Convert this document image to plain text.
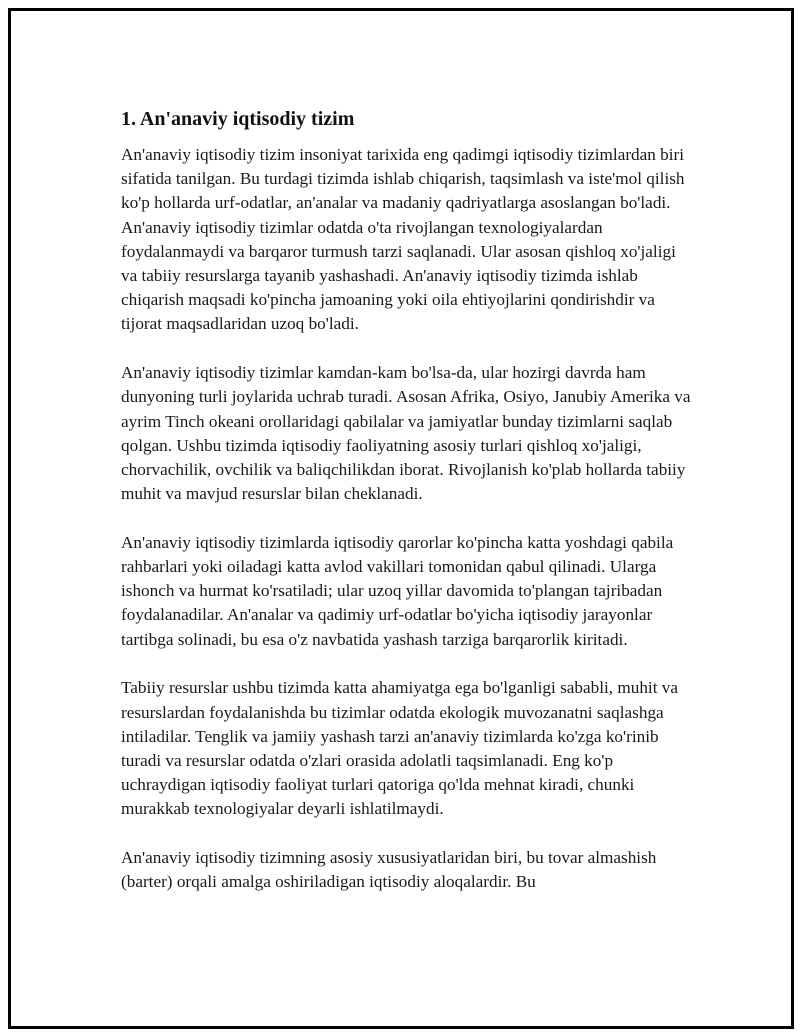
1. An'anaviy iqtisodiy tizim

An'anaviy iqtisodiy tizim insoniyat tarixida eng qadimgi iqtisodiy tizimlardan biri sifatida tanilgan. Bu turdagi tizimda ishlab chiqarish, taqsimlash va iste'mol qilish ko'p hollarda urf-odatlar, an'analar va madaniy qadriyatlarga asoslangan bo'ladi. An'anaviy iqtisodiy tizimlar odatda o'ta rivojlangan texnologiyalardan foydalanmaydi va barqaror turmush tarzi saqlanadi. Ular asosan qishloq xo'jaligi va tabiiy resurslarga tayanib yashashadi. An'anaviy iqtisodiy tizimda ishlab chiqarish maqsadi ko'pincha jamoaning yoki oila ehtiyojlarini qondirishdir va tijorat maqsadlaridan uzoq bo'ladi.

An'anaviy iqtisodiy tizimlar kamdan-kam bo'lsa-da, ular hozirgi davrda ham dunyoning turli joylarida uchrab turadi. Asosan Afrika, Osiyo, Janubiy Amerika va ayrim Tinch okeani orollaridagi qabilalar va jamiyatlar bunday tizimlarni saqlab qolgan. Ushbu tizimda iqtisodiy faoliyatning asosiy turlari qishloq xo'jaligi, chorvachilik, ovchilik va baliqchilikdan iborat. Rivojlanish ko'plab hollarda tabiiy muhit va mavjud resurslar bilan cheklanadi.

An'anaviy iqtisodiy tizimlarda iqtisodiy qarorlar ko'pincha katta yoshdagi qabila rahbarlari yoki oiladagi katta avlod vakillari tomonidan qabul qilinadi. Ularga ishonch va hurmat ko'rsatiladi; ular uzoq yillar davomida to'plangan tajribadan foydalanadilar. An'analar va qadimiy urf-odatlar bo'yicha iqtisodiy jarayonlar tartibga solinadi, bu esa o'z navbatida yashash tarziga barqarorlik kiritadi.

Tabiiy resurslar ushbu tizimda katta ahamiyatga ega bo'lganligi sababli, muhit va resurslardan foydalanishda bu tizimlar odatda ekologik muvozanatni saqlashga intiladilar. Tenglik va jamiiy yashash tarzi an'anaviy tizimlarda ko'zga ko'rinib turadi va resurslar odatda o'zlari orasida adolatli taqsimlanadi. Eng ko'p uchraydigan iqtisodiy faoliyat turlari qatoriga qo'lda mehnat kiradi, chunki murakkab texnologiyalar deyarli ishlatilmaydi.

An'anaviy iqtisodiy tizimning asosiy xususiyatlaridan biri, bu tovar almashish (barter) orqali amalga oshiriladigan iqtisodiy aloqalardir. Bu
